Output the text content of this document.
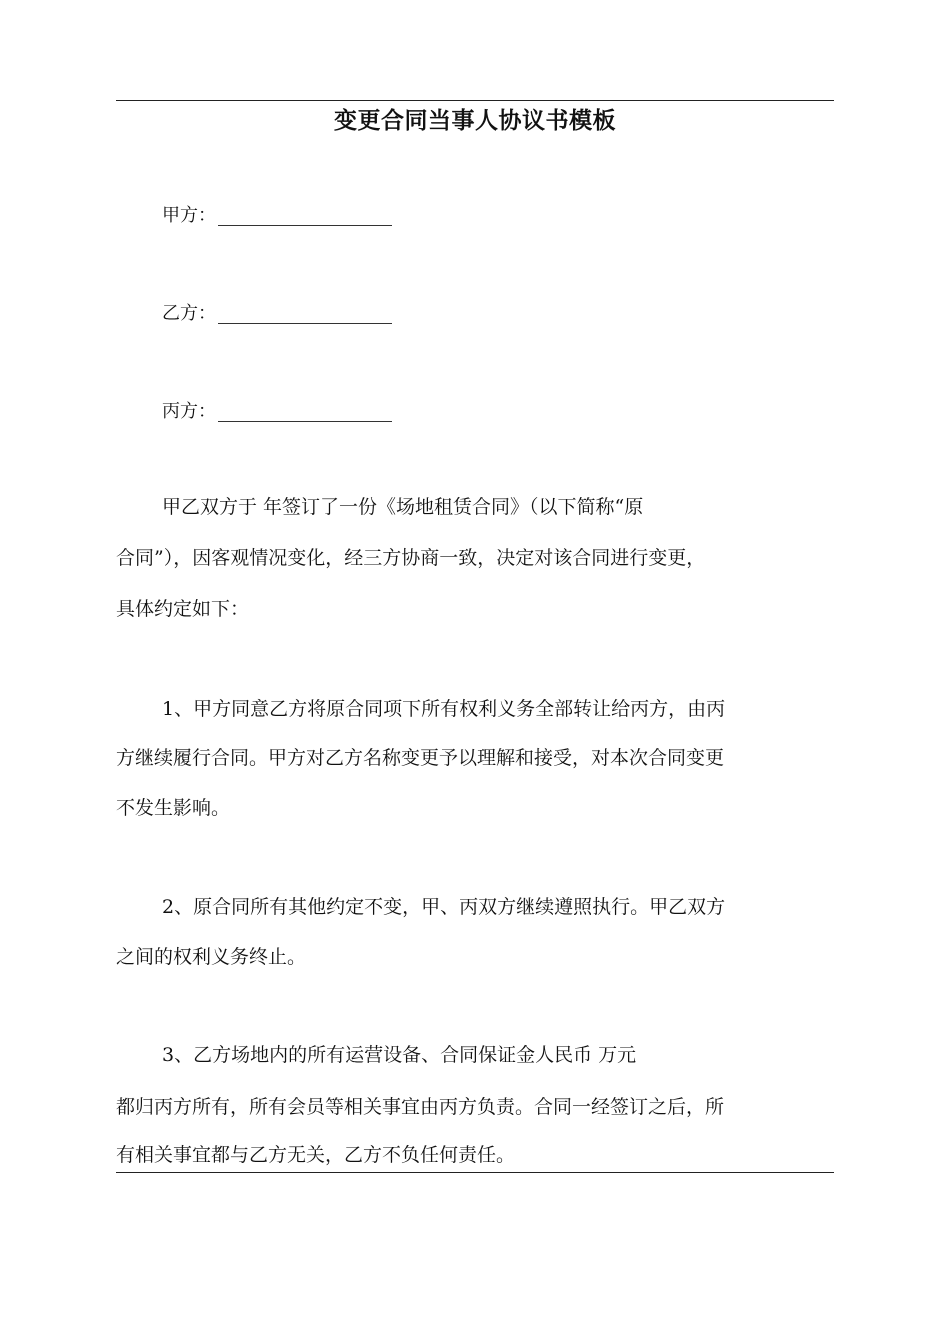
变更合同当事人协议书模板
甲方：
乙方：
丙方：
甲乙双方于 年签订了一份《场地租赁合同》（以下简称“原
合同”），因客观情况变化，经三方协商一致，决定对该合同进行变更，
具体约定如下：
1、甲方同意乙方将原合同项下所有权利义务全部转让给丙方，由丙
方继续履行合同。甲方对乙方名称变更予以理解和接受，对本次合同变更
不发生影响。
2、原合同所有其他约定不变，甲、丙双方继续遵照执行。甲乙双方
之间的权利义务终止。
3、乙方场地内的所有运营设备、合同保证金人民币 万元
都归丙方所有，所有会员等相关事宜由丙方负责。合同一经签订之后，所
有相关事宜都与乙方无关，乙方不负任何责任。
